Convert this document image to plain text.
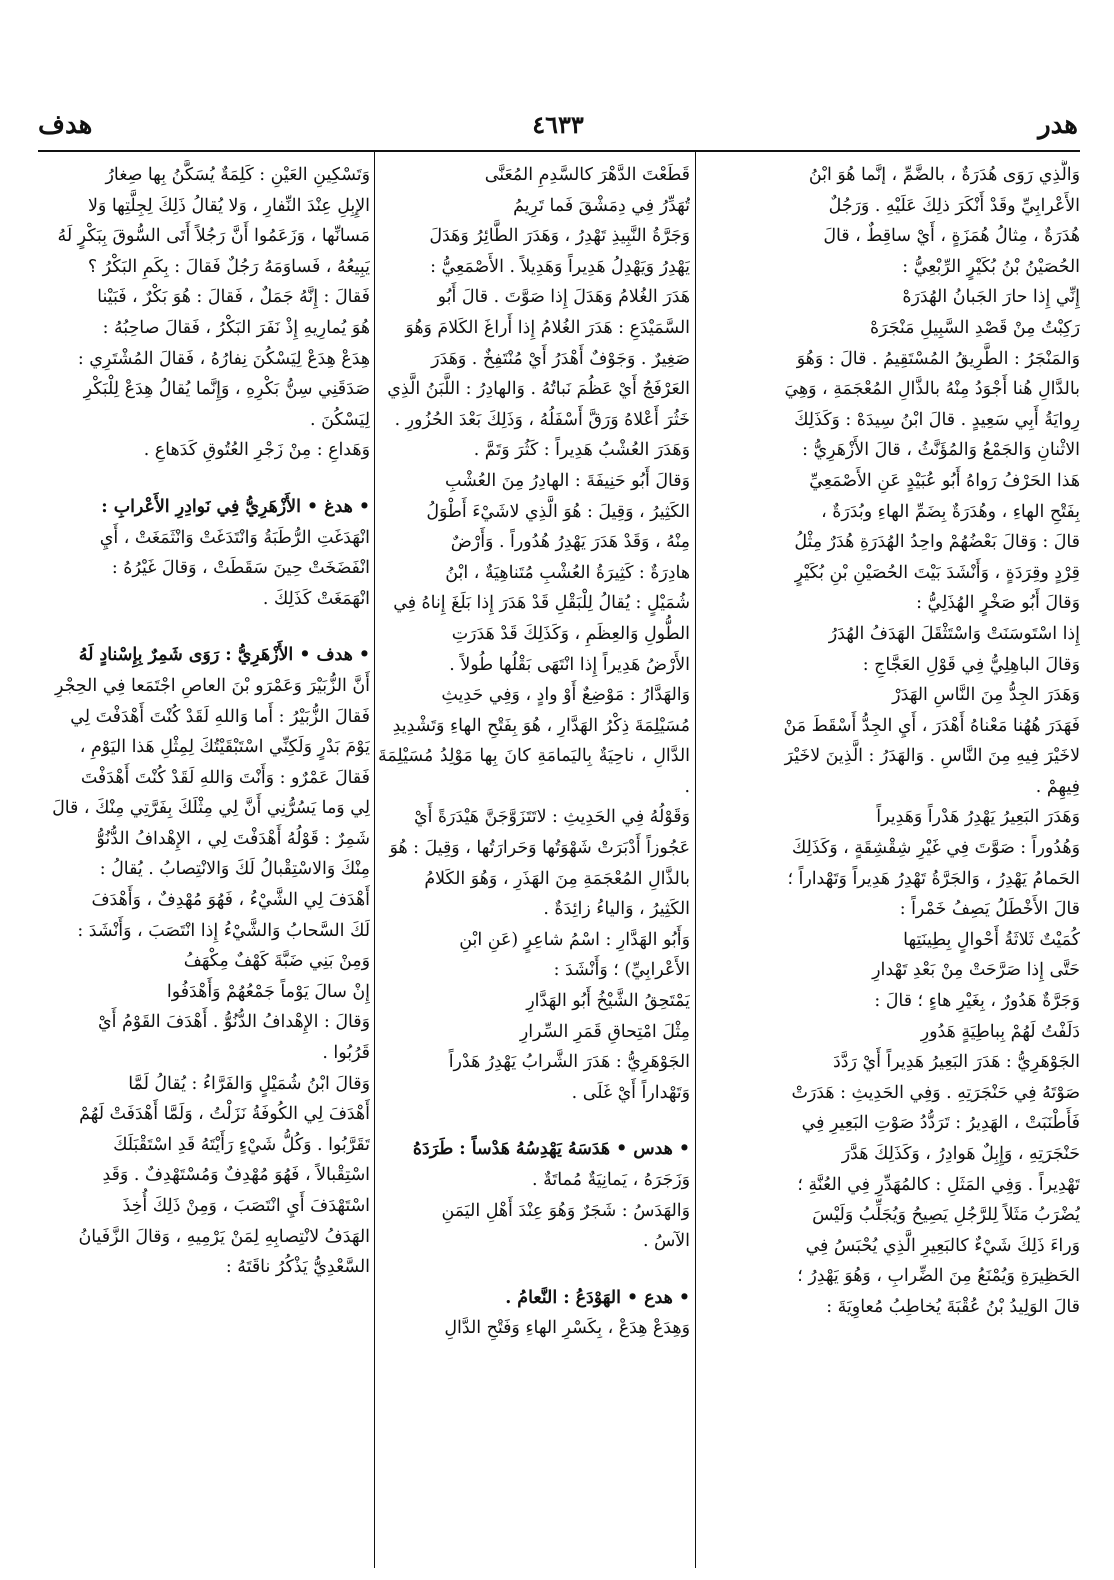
هدر
٤٦٣٣
هدف

وَالَّذِي رَوَى هُدَرَةٌ ، بالضَّمِّ ، إنَّما هُوَ ابْنُ

الأَعْرابِيِّ وقَدْ أَنْكَرَ ذلِكَ عَلَيْهِ . وَرَجُلٌ

هُدَرَةٌ ، مِثالُ هُمَزَةٍ ، أَيْ ساقِطٌ ، قالَ

الحُصَيْنُ بْنُ بُكَيْرٍ الرِّبْعِيُّ :

إِنِّي إِذا حارَ الجَبانُ الهُدَرَهْ

رَكِبْتُ مِنْ قَصْدِ السَّبِيلِ مَنْجَرَهْ

وَالمَنْجَرُ : الطَّرِيقُ المُسْتَقِيمُ . قالَ : وَهُوَ

بالدَّالِ هُنا أَجْوَدُ مِنْهُ بالذَّالِ المُعْجَمَةِ ، وَهِيَ

رِوايَةُ أَبِي سَعِيدٍ . قالَ ابْنُ سِيدَهْ : وَكَذَلِكَ

الاثْنانِ وَالجَمْعُ وَالمُؤَنَّثُ ، قالَ الأَزْهَرِيُّ :

هَذا الحَرْفُ رَواهُ أَبُو عُبَيْدٍ عَنِ الأَصْمَعِيِّ

بِفَتْحِ الهاءِ ، وهُدَرَةٌ بِضَمِّ الهاءِ وبُدَرَةٌ ،

قالَ : وَقالَ بَعْضُهُمْ واحِدُ الهُدَرَةِ هُدَرٌ مِثْلُ

قِرْدٍ وقِرَدَةٍ ، وَأَنْشَدَ بَيْتَ الحُصَيْنِ بْنِ بُكَيْرٍ

وَقالَ أَبُو صَخْرٍ الهُذَلِيُّ :

إِذا اسْتَوسَنَتْ وَاسْتَثْقَلَ الهَدَفُ الهُدَرُ

وَقالَ الباهِلِيُّ فِي قَوْلِ العَجَّاجِ :

وَهَدَرَ الجِدُّ مِنَ النَّاسِ الهَدَرْ

فَهَدَرَ هُهُنا مَعْناهُ أَهْدَرَ ، أَيِ الجِدُّ أَسْقَطَ مَنْ

لاخَيْرَ فِيهِ مِنَ النَّاسِ . وَالهَدَرُ : الَّذِينَ لاخَيْرَ

فِيهِمْ .

وَهَدَرَ البَعِيرُ يَهْدِرُ هَدْراً وَهَدِيراً

وَهُدُوراً : صَوَّتَ فِي غَيْرِ شِقْشِقَةٍ ، وَكَذَلِكَ

الحَمامُ يَهْدِرُ ، وَالجَرَّةُ تَهْدِرُ هَدِيراً وَتَهْداراً ؛

قالَ الأَخْطَلُ يَصِفُ خَمْراً :

كُمَيْتٌ ثَلاثَةُ أَحْوالٍ بِطِينَتِها

حَتَّى إِذا صَرَّحَتْ مِنْ بَعْدِ تَهْدارِ

وَجَرَّةٌ هَدُورٌ ، بِغَيْرِ هاءٍ ؛ قالَ :

دَلَفْتُ لَهُمْ بِباطِيَةٍ هَدُورِ

الجَوْهَرِيُّ : هَدَرَ البَعِيرُ هَدِيراً أَيْ رَدَّدَ

صَوْتَهُ فِي حَنْجَرَتِهِ . وَفِي الحَدِيثِ : هَدَرَتْ

فَأَطْنَبَتْ ، الهَدِيرُ : تَرَدُّدُ صَوْتِ البَعِيرِ فِي

حَنْجَرَتِهِ ، وَإِبِلٌ هَوادِرُ ، وَكَذَلِكَ هَدَّرَ

تَهْدِيراً . وَفِي المَثَلِ : كالمُهَدِّرِ فِي العُنَّةِ ؛

يُضْرَبُ مَثَلاً لِلرَّجُلِ يَصِيحُ وَيُجَلِّبُ وَلَيْسَ

وَراءَ ذَلِكَ شَيْءٌ كالبَعِيرِ الَّذِي يُحْبَسُ فِي

الحَظِيرَةِ وَيُمْنَعُ مِنَ الضِّرابِ ، وَهُوَ يَهْدِرُ ؛

قالَ الوَلِيدُ بْنُ عُقْبَةَ يُخاطِبُ مُعاوِيَةَ :

قَطَعْتَ الدَّهْرَ كالسَّدِمِ المُعَنَّى

تُهَدِّرُ فِي دِمَشْقَ فَما تَرِيمُ

وَجَرَّةُ النَّبِيذِ تَهْدِرُ ، وَهَدَرَ الطَّائِرُ وَهَدَلَ

يَهْدِرُ وَيَهْدِلُ هَدِيراً وَهَدِيلاً . الأَصْمَعِيُّ :

هَدَرَ الغُلامُ وَهَدَلَ إِذا صَوَّتَ . قالَ أَبُو

السَّمَيْدَعِ : هَدَرَ الغُلامُ إِذا أَراغَ الكَلامَ وَهُوَ

صَغِيرٌ . وَجَوْفٌ أَهْدَرُ أَيْ مُنْتَفِخٌ . وَهَدَرَ

العَرْفَجُ أَيْ عَظُمَ نَباتُهُ . وَالهادِرُ : اللَّبَنُ الَّذِي

خَثُرَ أَعْلاهُ وَرَقَّ أَسْفَلُهُ ، وَذَلِكَ بَعْدَ الحُزُورِ .

وَهَدَرَ العُشْبُ هَدِيراً : كَثُرَ وَتَمَّ .

وَقالَ أَبُو حَنِيفَةَ : الهادِرُ مِنَ العُشْبِ

الكَثِيرُ ، وَقِيلَ : هُوَ الَّذِي لاشَيْءَ أَطْوَلُ

مِنْهُ ، وَقَدْ هَدَرَ يَهْدِرُ هُدُوراً . وَأَرْضٌ

هادِرَةٌ : كَثِيرَةُ العُشْبِ مُتَناهِيَةٌ ، ابْنُ

شُمَيْلٍ : يُقالُ لِلْبَقْلِ قَدْ هَدَرَ إِذا بَلَغَ إِناهُ فِي

الطُّولِ وَالعِظَمِ ، وَكَذَلِكَ قَدْ هَدَرَتِ

الأَرْضُ هَدِيراً إِذا انْتَهَى بَقْلُها طُولاً .

وَالهَدَّارُ : مَوْضِعٌ أَوْ وادٍ ، وَفِي حَدِيثِ

مُسَيْلِمَةَ ذِكْرُ الهَدَّارِ ، هُوَ بِفَتْحِ الهاءِ وَتَشْدِيدِ

الدَّالِ ، ناحِيَةٌ بِاليَمامَةِ كانَ بِها مَوْلِدُ مُسَيْلِمَةَ .

وَقَوْلُهُ فِي الحَدِيثِ : لاتَتَزَوَّجَنَّ هَيْدَرَةً أَيْ

عَجُوزاً أَدْبَرَتْ شَهْوَتُها وَحَرارَتُها ، وَقِيلَ : هُوَ

بالذَّالِ المُعْجَمَةِ مِنَ الهَذَرِ ، وَهُوَ الكَلامُ

الكَثِيرُ ، وَالياءُ زائِدَةٌ .

وَأَبُو الهَدَّارِ : اسْمُ شاعِرٍ (عَنِ ابْنِ

الأَعْرابِيِّ) ؛ وَأَنْشَدَ :

يَمْتَحِقُ الشَّيْخُ أَبُو الهَدَّارِ

مِثْلَ امْتِحاقِ قَمَرِ السِّرارِ

الجَوْهَرِيُّ : هَدَرَ الشَّرابُ يَهْدِرُ هَدْراً

وَتَهْداراً أَيْ غَلَى .

• هدس • هَدَسَهُ يَهْدِسُهُ هَدْساً : طَرَدَهُ

وَزَجَرَهُ ، يَمانِيَةٌ مُماتَةٌ .

وَالهَدَسُ : شَجَرٌ وَهُوَ عِنْدَ أَهْلِ اليَمَنِ

الآسُ .

• هدع • الهَوْدَعُ : النَّعامُ .

وَهِدَعْ هِدَعْ ، بِكَسْرِ الهاءِ وَفَتْحِ الدَّالِ

وَتَسْكِينِ العَيْنِ : كَلِمَةٌ يُسَكَّنُ بِها صِغارُ

الإِبِلِ عِنْدَ النِّفارِ ، وَلا يُقالُ ذَلِكَ لِجِلَّتِها وَلا

مَسانِّها ، وَزَعَمُوا أَنَّ رَجُلاً أَتَى السُّوقَ بِبَكْرٍ لَهُ

يَبِيعُهُ ، فَساوَمَهُ رَجُلٌ فَقالَ : بِكَمِ البَكْرُ ؟

فَقالَ : إِنَّهُ جَمَلٌ ، فَقالَ : هُوَ بَكْرٌ ، فَبَيْنا

هُوَ يُمارِيهِ إِذْ نَفَرَ البَكْرُ ، فَقالَ صاحِبُهُ :

هِدَعْ هِدَعْ لِيَسْكُنَ نِفارُهُ ، فَقالَ المُشْتَرِي :

صَدَقَنِي سِنُّ بَكْرِهِ ، وَإِنَّما يُقالُ هِدَعْ لِلْبَكْرِ

لِيَسْكُنَ .

وَهَداعِ : مِنْ زَجْرِ العُتُوقِ كَدَهاعِ .

• هدغ • الأَزْهَرِيُّ فِي نَوادِرِ الأَعْرابِ :

انْهَدَغَتِ الرُّطَبَةُ وَانْتَدَغَتْ وَانْثَمَغَتْ ، أَيِ

انْفَضَخَتْ حِينَ سَقَطَتْ ، وَقالَ غَيْرُهُ :

انْهَمَغَتْ كَذَلِكَ .

• هدف • الأَزْهَرِيُّ : رَوَى شَمِرٌ بِإِسْنادٍ لَهُ

أَنَّ الزُّبَيْرَ وَعَمْرَو بْنَ العاصِ اجْتَمَعا فِي الحِجْرِ

فَقالَ الزُّبَيْرُ : أَما وَاللهِ لَقَدْ كُنْتَ أَهْدَفْتَ لِي

يَوْمَ بَدْرٍ وَلَكِنِّي اسْتَبْقَيْتُكَ لِمِثْلِ هَذا اليَوْمِ ،

فَقالَ عَمْرٌو : وَأَنْتَ وَاللهِ لَقَدْ كُنْتَ أَهْدَفْتَ

لِي وَما يَسُرُّنِي أَنَّ لِي مِثْلَكَ بِفَرَّتِي مِنْكَ ، قالَ

شَمِرٌ : قَوْلُهُ أَهْدَفْتَ لِي ، الإِهْدافُ الدُّنُوُّ

مِنْكَ وَالاسْتِقْبالُ لَكَ وَالانْتِصابُ . يُقالُ :

أَهْدَفَ لِي الشَّيْءُ ، فَهُوَ مُهْدِفٌ ، وَأَهْدَفَ

لَكَ السَّحابُ وَالشَّيْءُ إِذا انْتَصَبَ ، وَأَنْشَدَ :

وَمِنْ بَنِي ضَبَّةَ كَهْفٌ مِكْهَفُ

إِنْ سالَ يَوْماً جَمْعُهُمْ وَأَهْدَفُوا

وَقالَ : الإِهْدافُ الدُّنُوُّ . أَهْدَفَ القَوْمُ أَيْ

قَرُبُوا .

وَقالَ ابْنُ شُمَيْلٍ وَالفَرَّاءُ : يُقالُ لَمَّا

أَهْدَفَ لِي الكُوفَةُ نَزَلْتُ ، وَلَمَّا أَهْدَفَتْ لَهُمْ

تَقَرَّبُوا . وَكُلُّ شَيْءٍ رَأَيْتَهُ قَدِ اسْتَقْبَلَكَ

اسْتِقْبالاً ، فَهُوَ مُهْدِفٌ وَمُسْتَهْدِفٌ . وَقَدِ

اسْتَهْدَفَ أَيِ انْتَصَبَ ، وَمِنْ ذَلِكَ أُخِذَ

الهَدَفُ لانْتِصابِهِ لِمَنْ يَرْمِيهِ ، وَقالَ الزَّفَيانُ

السَّعْدِيُّ يَذْكُرُ ناقَتَهُ :
